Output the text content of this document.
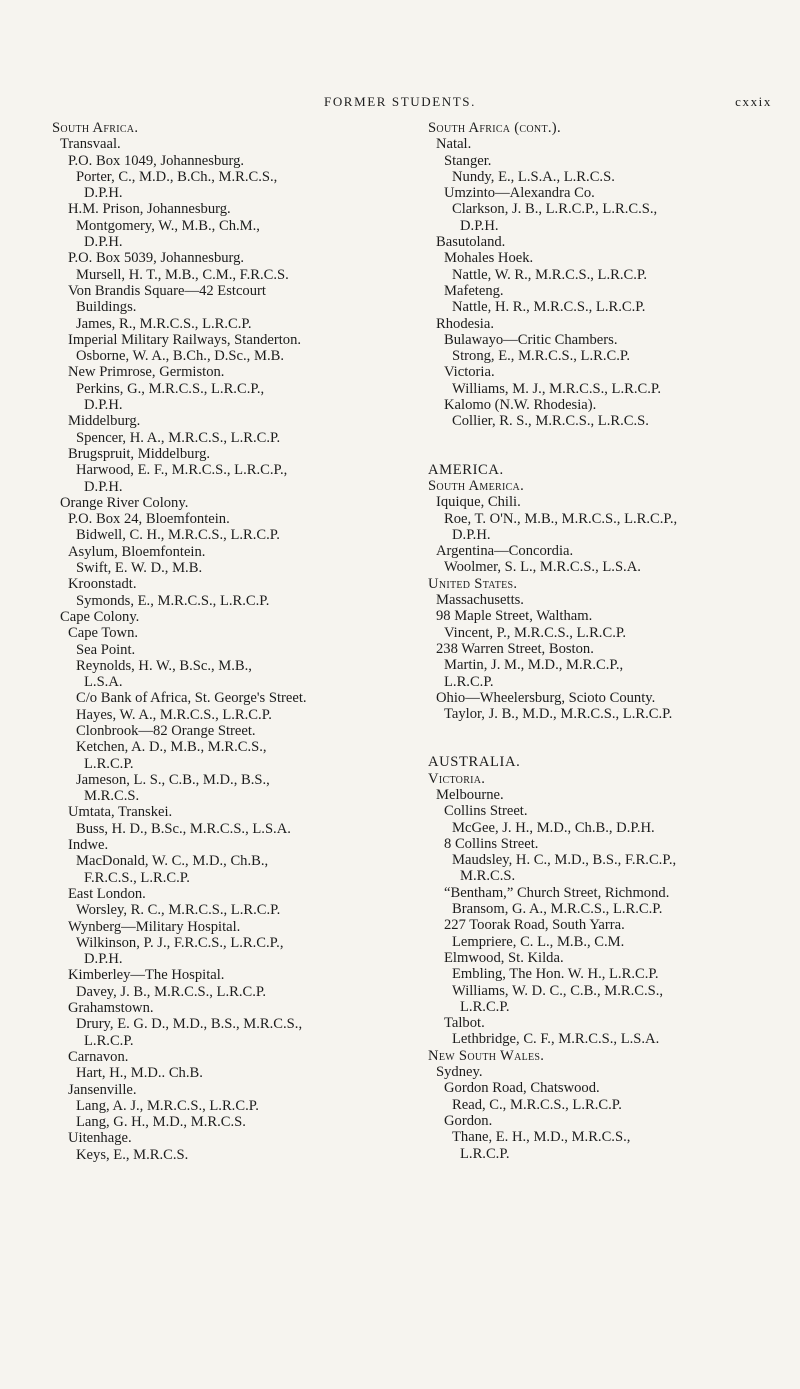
FORMER STUDENTS.	cxxix
South Africa.
Transvaal.
P.O. Box 1049, Johannesburg.
Porter, C., M.D., B.Ch., M.R.C.S.,
D.P.H.
H.M. Prison, Johannesburg.
Montgomery, W., M.B., Ch.M.,
D.P.H.
P.O. Box 5039, Johannesburg.
Mursell, H. T., M.B., C.M., F.R.C.S.
Von Brandis Square—42 Estcourt
Buildings.
James, R., M.R.C.S., L.R.C.P.
Imperial Military Railways, Standerton.
Osborne, W. A., B.Ch., D.Sc., M.B.
New Primrose, Germiston.
Perkins, G., M.R.C.S., L.R.C.P.,
D.P.H.
Middelburg.
Spencer, H. A., M.R.C.S., L.R.C.P.
Brugspruit, Middelburg.
Harwood, E. F., M.R.C.S., L.R.C.P.,
D.P.H.
Orange River Colony.
P.O. Box 24, Bloemfontein.
Bidwell, C. H., M.R.C.S., L.R.C.P.
Asylum, Bloemfontein.
Swift, E. W. D., M.B.
Kroonstadt.
Symonds, E., M.R.C.S., L.R.C.P.
Cape Colony.
Cape Town.
Sea Point.
Reynolds, H. W., B.Sc., M.B.,
L.S.A.
C/o Bank of Africa, St. George's Street.
Hayes, W. A., M.R.C.S., L.R.C.P.
Clonbrook—82 Orange Street.
Ketchen, A. D., M.B., M.R.C.S.,
L.R.C.P.
Jameson, L. S., C.B., M.D., B.S.,
M.R.C.S.
Umtata, Transkei.
Buss, H. D., B.Sc., M.R.C.S., L.S.A.
Indwe.
MacDonald, W. C., M.D., Ch.B.,
F.R.C.S., L.R.C.P.
East London.
Worsley, R. C., M.R.C.S., L.R.C.P.
Wynberg—Military Hospital.
Wilkinson, P. J., F.R.C.S., L.R.C.P.,
D.P.H.
Kimberley—The Hospital.
Davey, J. B., M.R.C.S., L.R.C.P.
Grahamstown.
Drury, E. G. D., M.D., B.S., M.R.C.S.,
L.R.C.P.
Carnavon.
Hart, H., M.D.. Ch.B.
Jansenville.
Lang, A. J., M.R.C.S., L.R.C.P.
Lang, G. H., M.D., M.R.C.S.
Uitenhage.
Keys, E., M.R.C.S.
South Africa (cont.).
Natal.
Stanger.
Nundy, E., L.S.A., L.R.C.S.
Umzinto—Alexandra Co.
Clarkson, J. B., L.R.C.P., L.R.C.S.,
D.P.H.
Basutoland.
Mohales Hoek.
Nattle, W. R., M.R.C.S., L.R.C.P.
Mafeteng.
Nattle, H. R., M.R.C.S., L.R.C.P.
Rhodesia.
Bulawayo—Critic Chambers.
Strong, E., M.R.C.S., L.R.C.P.
Victoria.
Williams, M. J., M.R.C.S., L.R.C.P.
Kalomo (N.W. Rhodesia).
Collier, R. S., M.R.C.S., L.R.C.S.
AMERICA.
South America.
Iquique, Chili.
Roe, T. O'N., M.B., M.R.C.S., L.R.C.P.,
D.P.H.
Argentina—Concordia.
Woolmer, S. L., M.R.C.S., L.S.A.
United States.
Massachusetts.
98 Maple Street, Waltham.
Vincent, P., M.R.C.S., L.R.C.P.
238 Warren Street, Boston.
Martin, J. M., M.D., M.R.C.P.,
L.R.C.P.
Ohio—Wheelersburg, Scioto County.
Taylor, J. B., M.D., M.R.C.S., L.R.C.P.
AUSTRALIA.
Victoria.
Melbourne.
Collins Street.
McGee, J. H., M.D., Ch.B., D.P.H.
8 Collins Street.
Maudsley, H. C., M.D., B.S., F.R.C.P.,
M.R.C.S.
“Bentham,” Church Street, Richmond.
Bransom, G. A., M.R.C.S., L.R.C.P.
227 Toorak Road, South Yarra.
Lempriere, C. L., M.B., C.M.
Elmwood, St. Kilda.
Embling, The Hon. W. H., L.R.C.P.
Williams, W. D. C., C.B., M.R.C.S.,
L.R.C.P.
Talbot.
Lethbridge, C. F., M.R.C.S., L.S.A.
New South Wales.
Sydney.
Gordon Road, Chatswood.
Read, C., M.R.C.S., L.R.C.P.
Gordon.
Thane, E. H., M.D., M.R.C.S.,
L.R.C.P.
